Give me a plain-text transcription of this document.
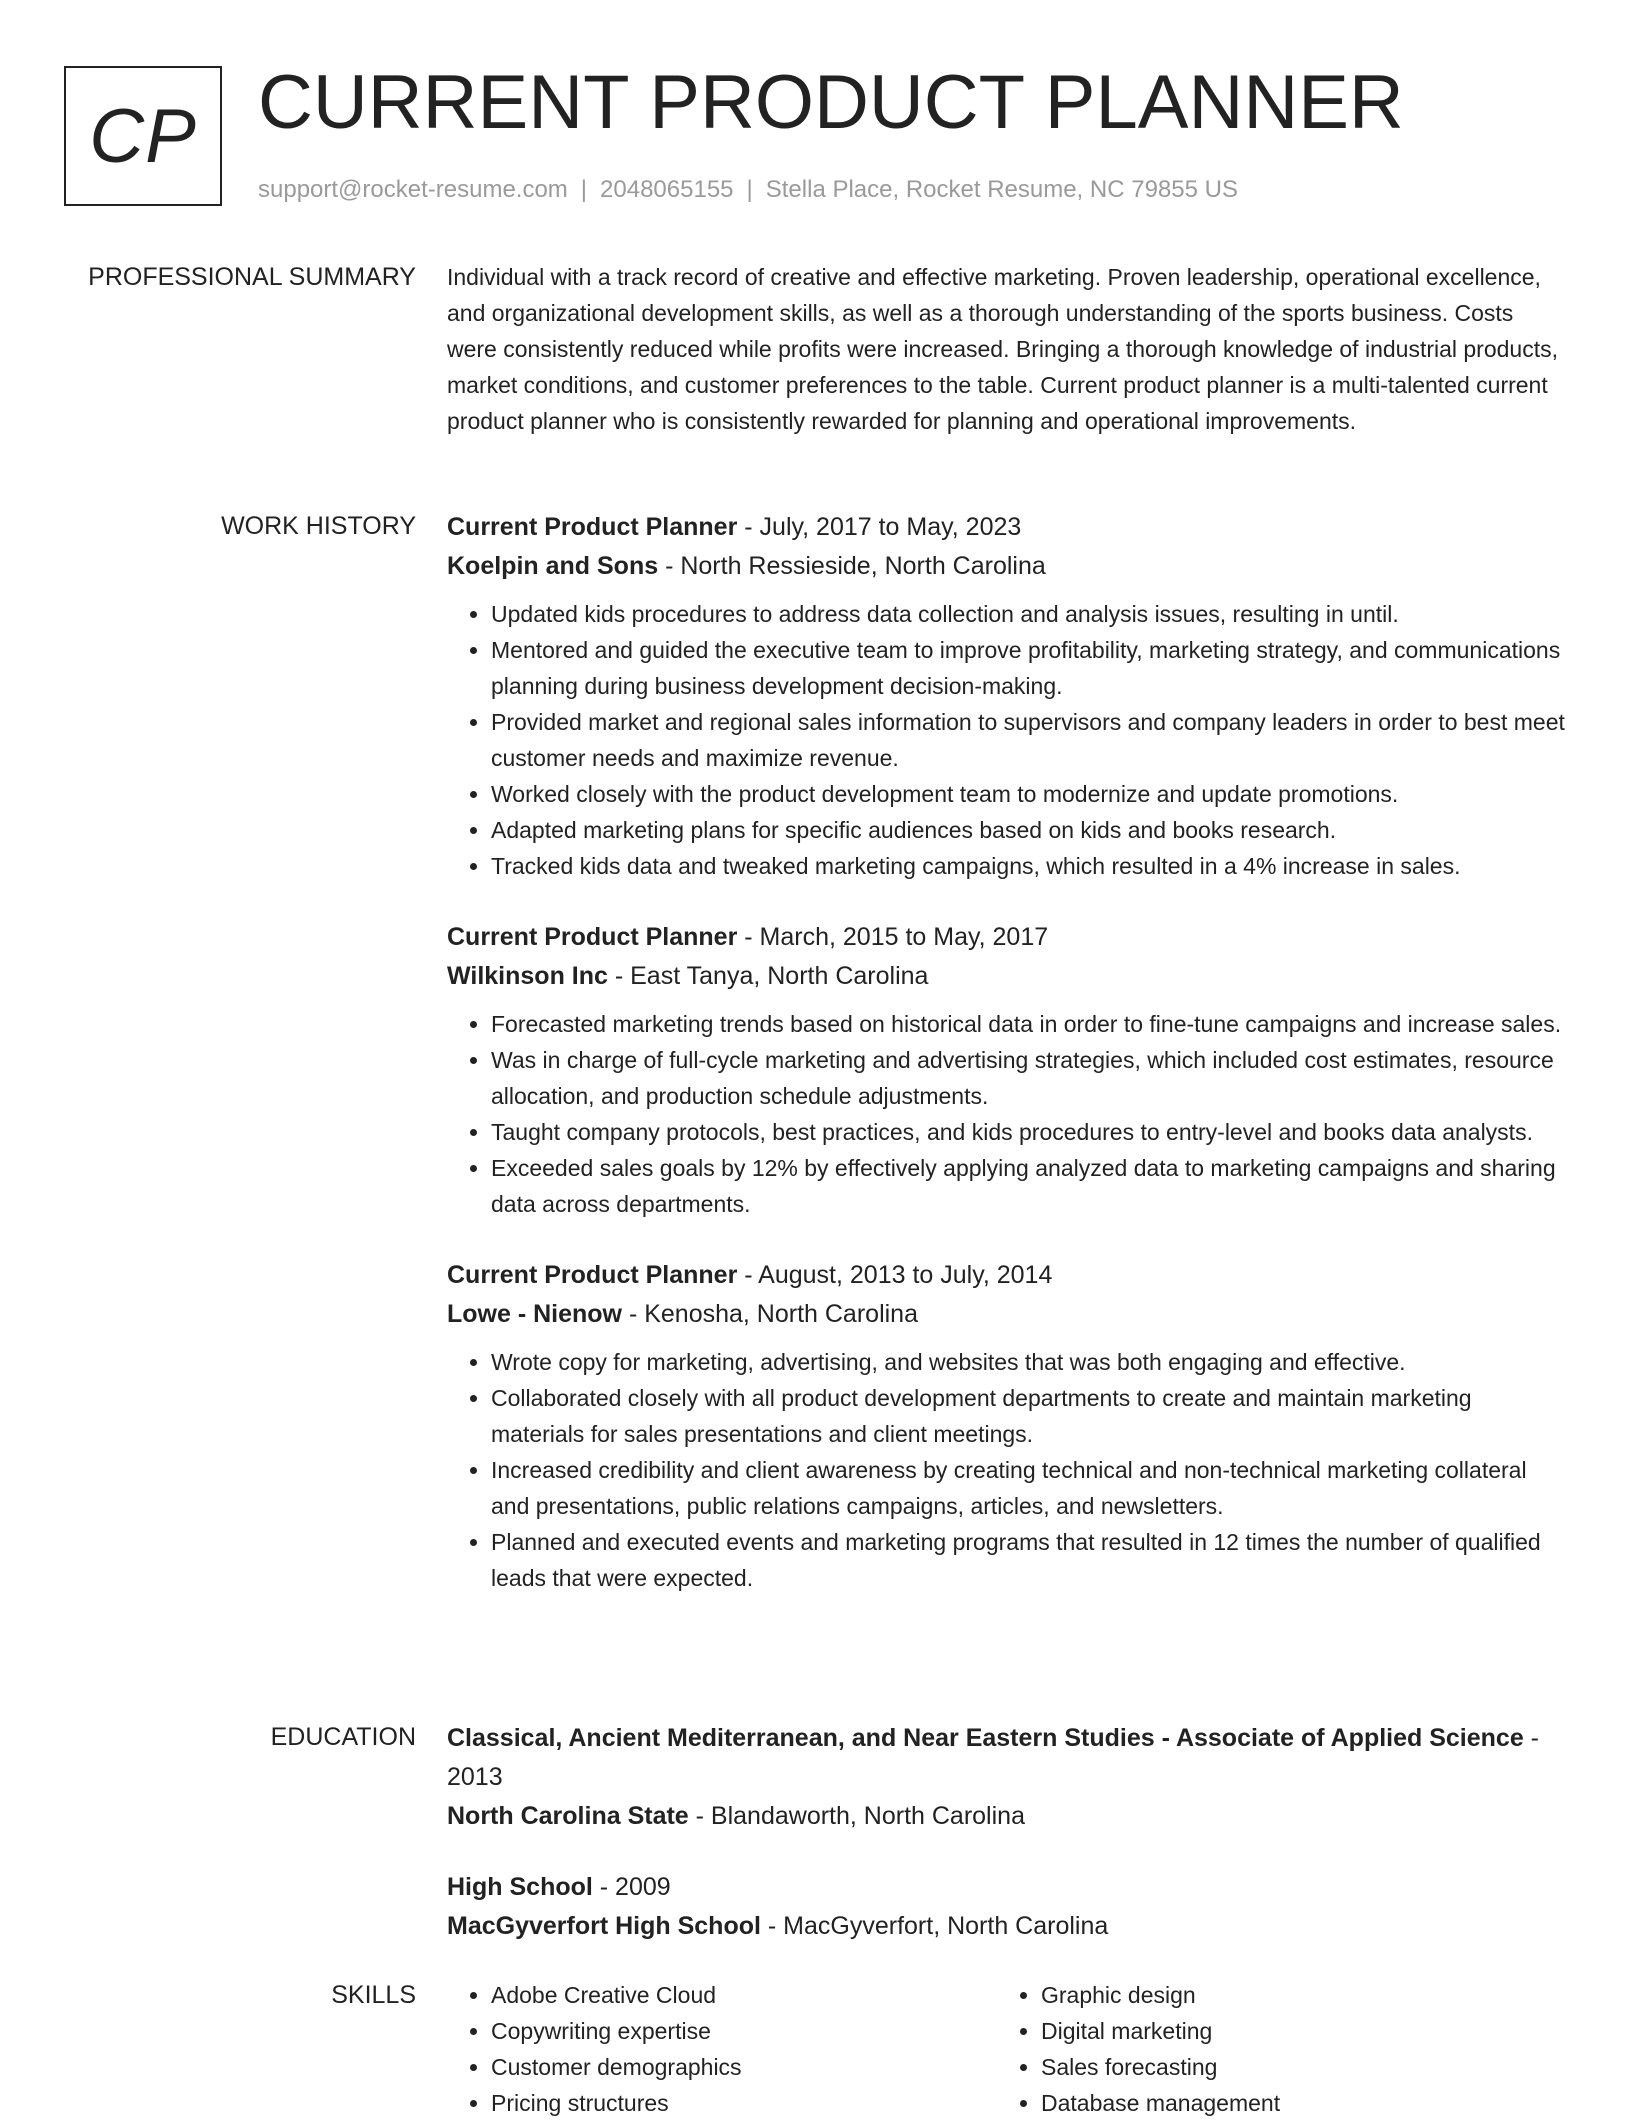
CP CURRENT PRODUCT PLANNER
support@rocket-resume.com | 2048065155 | Stella Place, Rocket Resume, NC 79855 US
PROFESSIONAL SUMMARY Individual with a track record of creative and effective marketing. Proven leadership, operational excellence, and organizational development skills, as well as a thorough understanding of the sports business. Costs were consistently reduced while profits were increased. Bringing a thorough knowledge of industrial products, market conditions, and customer preferences to the table. Current product planner is a multi-talented current product planner who is consistently rewarded for planning and operational improvements.

WORK HISTORY Current Product Planner - July, 2017 to May, 2023
Koelpin and Sons - North Ressieside, North Carolina
• Updated kids procedures to address data collection and analysis issues, resulting in until.
• Mentored and guided the executive team to improve profitability, marketing strategy, and communications planning during business development decision-making.
• Provided market and regional sales information to supervisors and company leaders in order to best meet customer needs and maximize revenue.
• Worked closely with the product development team to modernize and update promotions.
• Adapted marketing plans for specific audiences based on kids and books research.
• Tracked kids data and tweaked marketing campaigns, which resulted in a 4% increase in sales.
Current Product Planner - March, 2015 to May, 2017
Wilkinson Inc - East Tanya, North Carolina
• Forecasted marketing trends based on historical data in order to fine-tune campaigns and increase sales.
• Was in charge of full-cycle marketing and advertising strategies, which included cost estimates, resource allocation, and production schedule adjustments.
• Taught company protocols, best practices, and kids procedures to entry-level and books data analysts.
• Exceeded sales goals by 12% by effectively applying analyzed data to marketing campaigns and sharing data across departments.
Current Product Planner - August, 2013 to July, 2014
Lowe - Nienow - Kenosha, North Carolina
• Wrote copy for marketing, advertising, and websites that was both engaging and effective.
• Collaborated closely with all product development departments to create and maintain marketing materials for sales presentations and client meetings.
• Increased credibility and client awareness by creating technical and non-technical marketing collateral and presentations, public relations campaigns, articles, and newsletters.
• Planned and executed events and marketing programs that resulted in 12 times the number of qualified leads that were expected.
EDUCATION Classical, Ancient Mediterranean, and Near Eastern Studies - Associate of Applied Science - 2013
North Carolina State - Blandaworth, North Carolina
High School - 2009
MacGyverfort High School - MacGyverfort, North Carolina
SKILLS
•	Adobe Creative Cloud
• Copywriting expertise
• Customer demographics
• Pricing structures
• Graphic design
• Digital marketing
• Sales forecasting
• Database management
